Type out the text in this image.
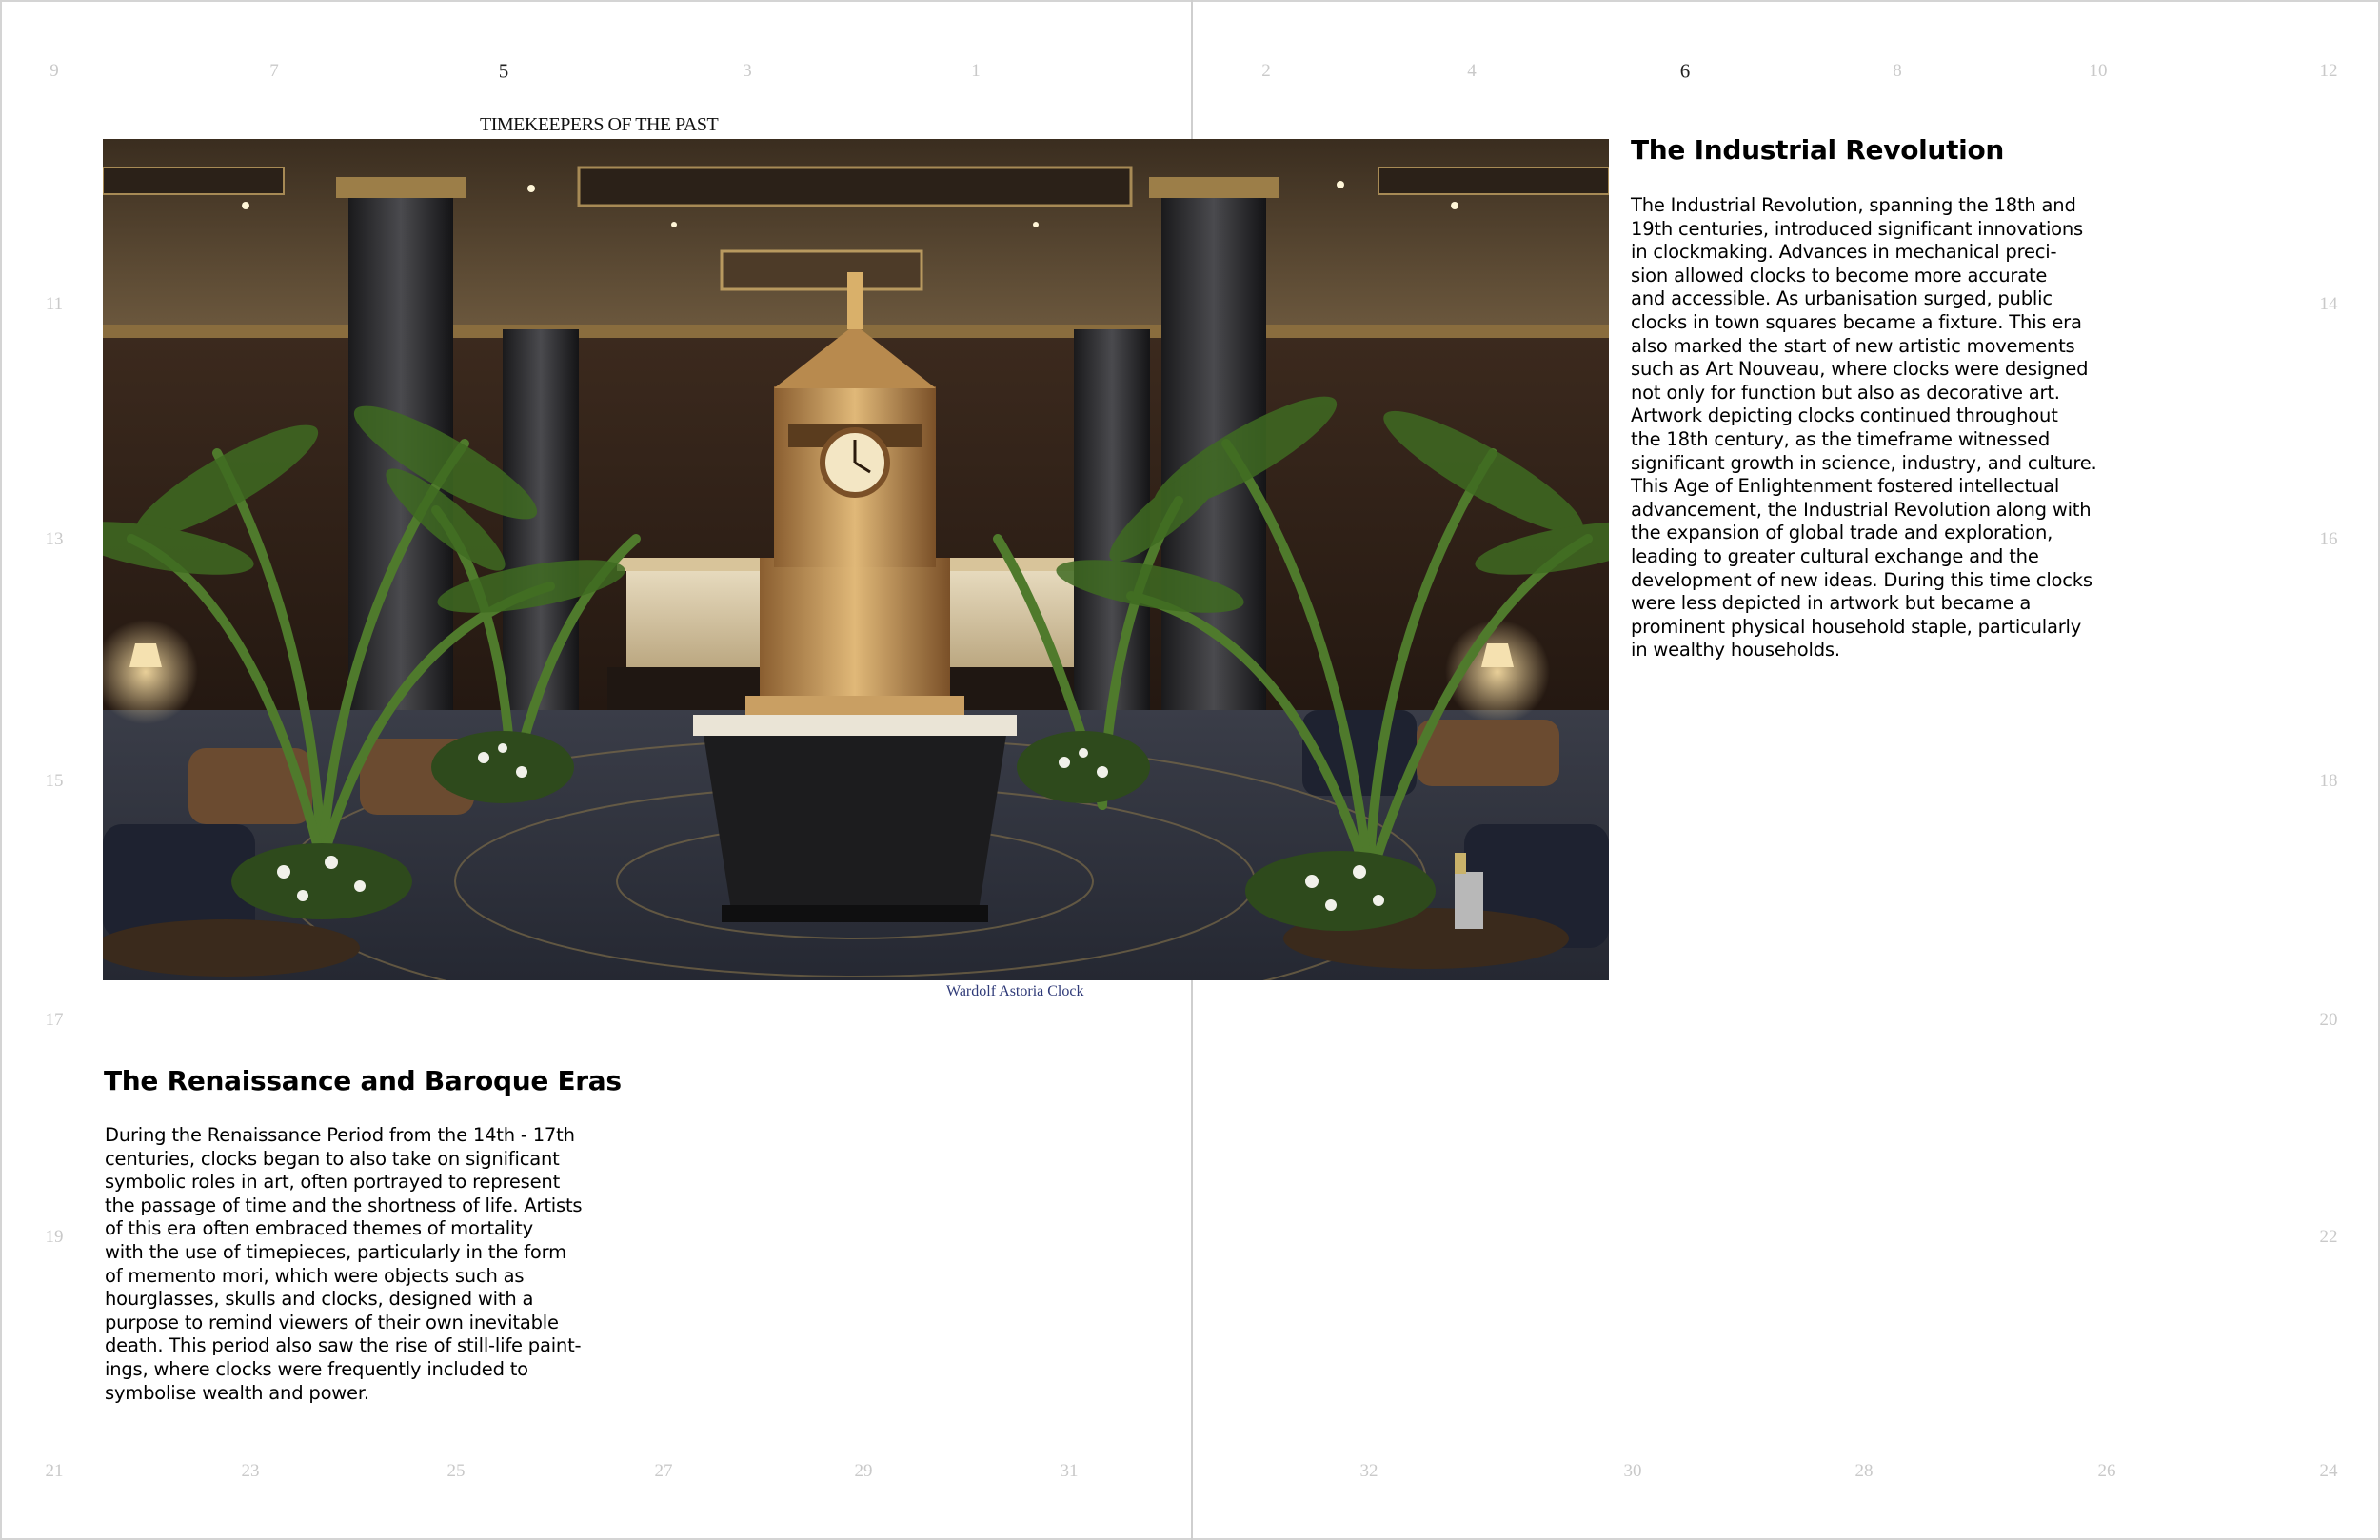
9	7	5	3	1	2	4	6	8	10	12
11
13
15
17
19
14
16
18
20
22
21	23	25	27	29	31	32	30	28	26	24
TIMEKEEPERS OF THE PAST
Wardolf Astoria Clock
The Industrial Revolution
The Industrial Revolution, spanning the 18th and
19th centuries, introduced significant innovations
in clockmaking. Advances in mechanical preci-
sion allowed clocks to become more accurate
and accessible. As urbanisation surged, public
clocks in town squares became a fixture. This era
also marked the start of new artistic movements
such as Art Nouveau, where clocks were designed
not only for function but also as decorative art.
Artwork depicting clocks continued throughout
the 18th century, as the timeframe witnessed
significant growth in science, industry, and culture.
This Age of Enlightenment fostered intellectual
advancement, the Industrial Revolution along with
the expansion of global trade and exploration,
leading to greater cultural exchange and the
development of new ideas. During this time clocks
were less depicted in artwork but became a
prominent physical household staple, particularly
in wealthy households.
The Renaissance and Baroque Eras
During the Renaissance Period from the 14th - 17th
centuries, clocks began to also take on significant
symbolic roles in art, often portrayed to represent
the passage of time and the shortness of life. Artists
of this era often embraced themes of mortality
with the use of timepieces, particularly in the form
of memento mori, which were objects such as
hourglasses, skulls and clocks, designed with a
purpose to remind viewers of their own inevitable
death. This period also saw the rise of still-life paint-
ings, where clocks were frequently included to
symbolise wealth and power.
